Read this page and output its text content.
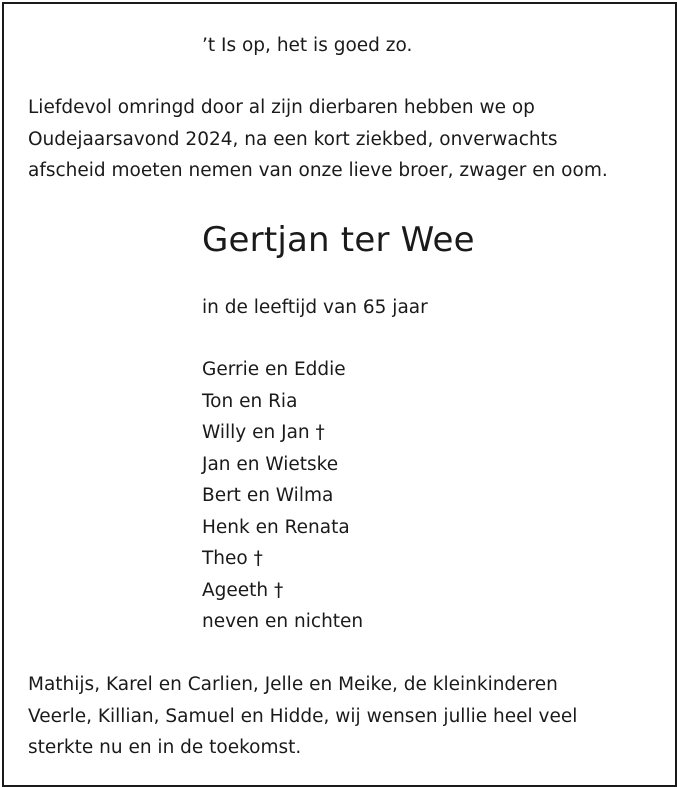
’t Is op, het is goed zo.
Liefdevol omringd door al zijn dierbaren hebben we op
Oudejaarsavond 2024, na een kort ziekbed, onverwachts
afscheid moeten nemen van onze lieve broer, zwager en oom.
Gertjan ter Wee
in de leeftijd van 65 jaar
Gerrie en Eddie
Ton en Ria
Willy en Jan †
Jan en Wietske
Bert en Wilma
Henk en Renata
Theo †
Ageeth †
neven en nichten
Mathijs, Karel en Carlien, Jelle en Meike, de kleinkinderen
Veerle, Killian, Samuel en Hidde, wij wensen jullie heel veel
sterkte nu en in de toekomst.
